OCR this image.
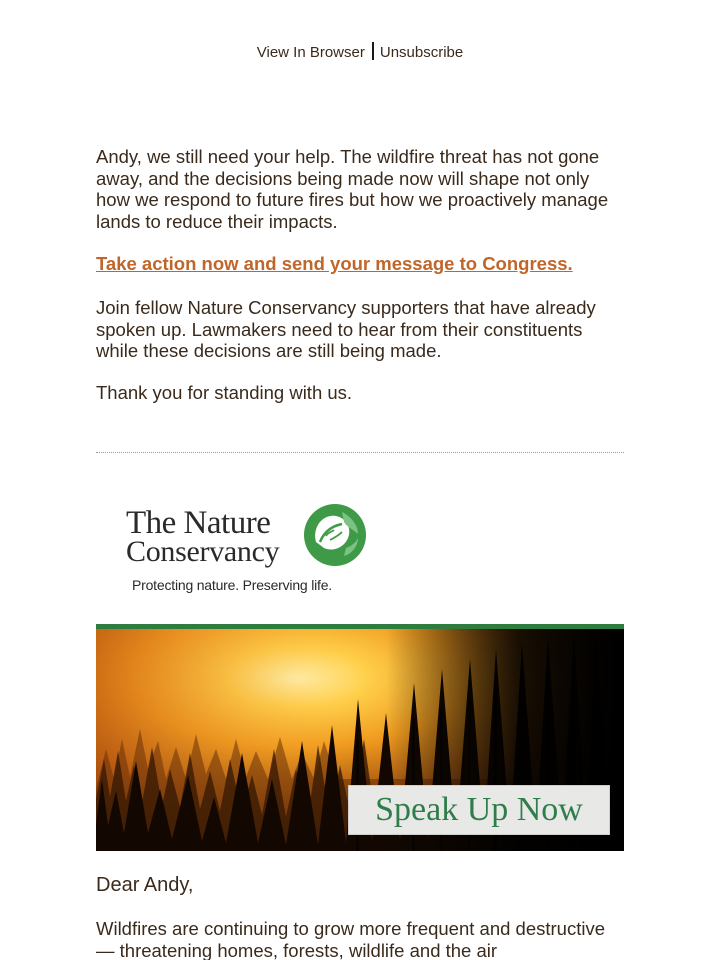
View In Browser Unsubscribe

Andy, we still need your help. The wildfire threat has not gone away, and the decisions being made now will shape not only how we respond to future fires but how we proactively manage lands to reduce their impacts.

Take action now and send your message to Congress.

Join fellow Nature Conservancy supporters that have already spoken up. Lawmakers need to hear from their constituents while these decisions are still being made.

Thank you for standing with us.

The Nature
Conservancy
Protecting nature. Preserving life.
Speak Up Now
Dear Andy,

Wildfires are continuing to grow more frequent and destructive — threatening homes, forests, wildlife and the air
